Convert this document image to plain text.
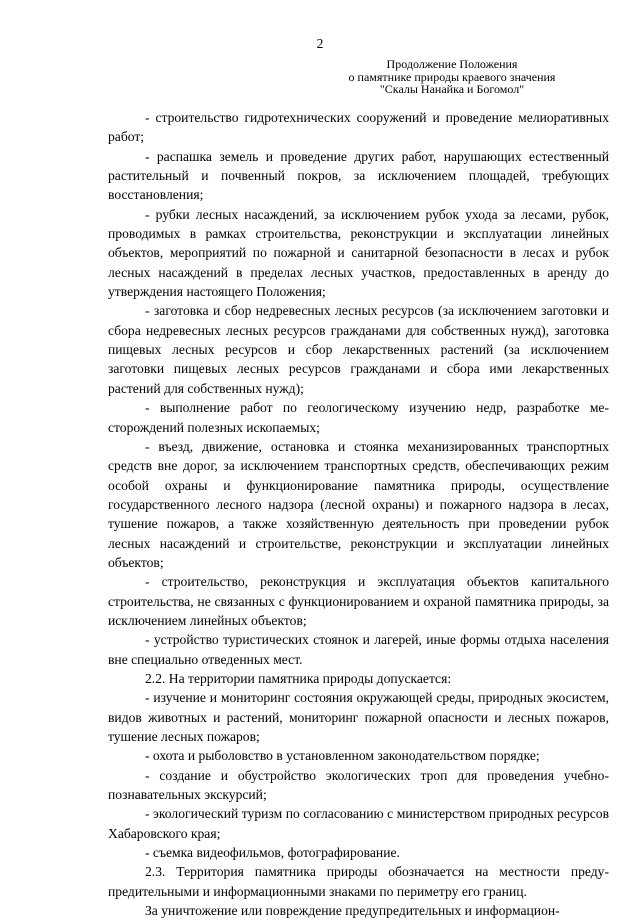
2
Продолжение Положения
о памятнике природы краевого значения
"Скалы Нанайка и Богомол"

- строительство гидротехнических сооружений и проведение мелиоративных работ;

- распашка земель и проведение других работ, нарушающих естественный растительный и почвенный покров, за исключением площадей, требующих восстановления;

- рубки лесных насаждений, за исключением рубок ухода за лесами, рубок, проводимых в рамках строительства, реконструкции и эксплуатации линейных объектов, мероприятий по пожарной и санитарной безопасности в лесах и рубок лесных насаждений в пределах лесных участков, предоставленных в аренду до утверждения настоящего Положения;

- заготовка и сбор недревесных лесных ресурсов (за исключением заготовки и сбора недревесных лесных ресурсов гражданами для собственных нужд), заготовка пищевых лесных ресурсов и сбор лекарственных растений (за исключением заготовки пищевых лесных ресурсов гражданами и сбора ими лекарственных растений для собственных нужд);

- выполнение работ по геологическому изучению недр, разработке месторождений полезных ископаемых;

- въезд, движение, остановка и стоянка механизированных транспортных средств вне дорог, за исключением транспортных средств, обеспечивающих режим особой охраны и функционирование памятника природы, осуществление государственного лесного надзора (лесной охраны) и пожарного надзора в лесах, тушение пожаров, а также хозяйственную деятельность при проведении рубок лесных насаждений и строительстве, реконструкции и эксплуатации линейных объектов;

- строительство, реконструкция и эксплуатация объектов капитального строительства, не связанных с функционированием и охраной памятника природы, за исключением линейных объектов;

- устройство туристических стоянок и лагерей, иные формы отдыха населения вне специально отведенных мест.

2.2. На территории памятника природы допускается:

- изучение и мониторинг состояния окружающей среды, природных экосистем, видов животных и растений, мониторинг пожарной опасности и лесных пожаров, тушение лесных пожаров;

- охота и рыболовство в установленном законодательством порядке;

- создание и обустройство экологических троп для проведения учебно-познавательных экскурсий;

- экологический туризм по согласованию с министерством природных ресурсов Хабаровского края;

- съемка видеофильмов, фотографирование.

2.3. Территория памятника природы обозначается на местности предупредительными и информационными знаками по периметру его границ.

За уничтожение или повреждение предупредительных и информацион-
